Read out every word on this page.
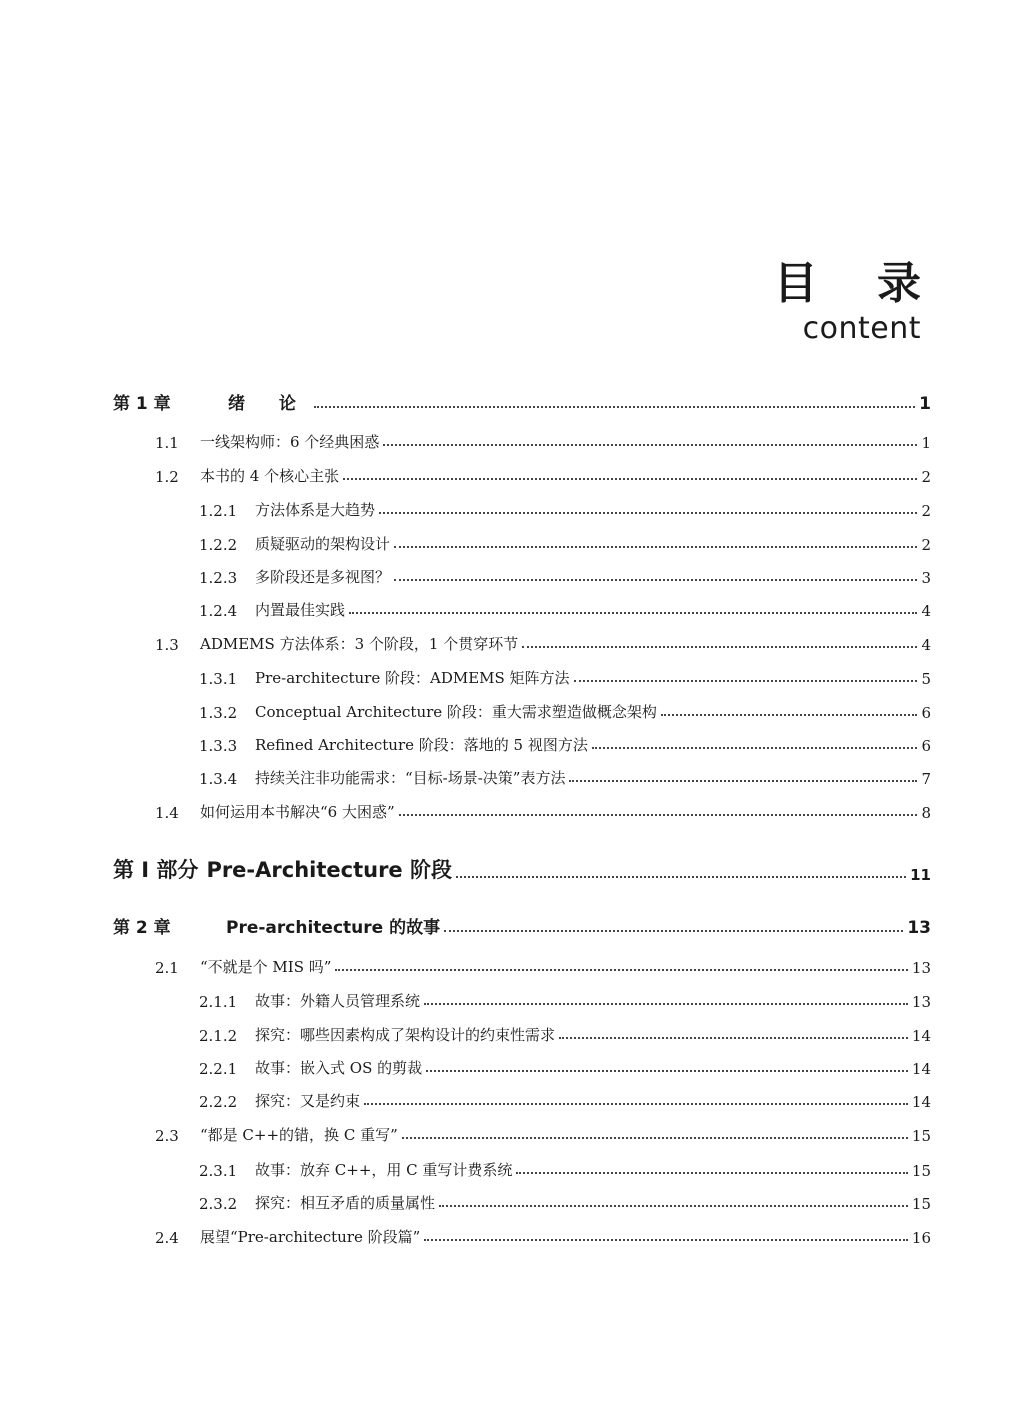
目 录
content
第 1 章	绪 论	1
1.1	一线架构师：6 个经典困惑	1
1.2	本书的 4 个核心主张	2
1.2.1	方法体系是大趋势	2
1.2.2	质疑驱动的架构设计	2
1.2.3	多阶段还是多视图？	3
1.2.4	内置最佳实践	4
1.3	ADMEMS 方法体系：3 个阶段，1 个贯穿环节	4
1.3.1	Pre-architecture 阶段：ADMEMS 矩阵方法	5
1.3.2	Conceptual Architecture 阶段：重大需求塑造做概念架构	6
1.3.3	Refined Architecture 阶段：落地的 5 视图方法	6
1.3.4	持续关注非功能需求：“目标-场景-决策”表方法	7
1.4	如何运用本书解决“6 大困惑”	8
第 I 部分 Pre-Architecture 阶段	11
第 2 章	Pre-architecture 的故事	13
2.1	“不就是个 MIS 吗”	13
2.1.1	故事：外籍人员管理系统	13
2.1.2	探究：哪些因素构成了架构设计的约束性需求	14
2.2.1	故事：嵌入式 OS 的剪裁	14
2.2.2	探究：又是约束	14
2.3	“都是 C++的错，换 C 重写”	15
2.3.1	故事：放弃 C++，用 C 重写计费系统	15
2.3.2	探究：相互矛盾的质量属性	15
2.4	展望“Pre-architecture 阶段篇”	16
